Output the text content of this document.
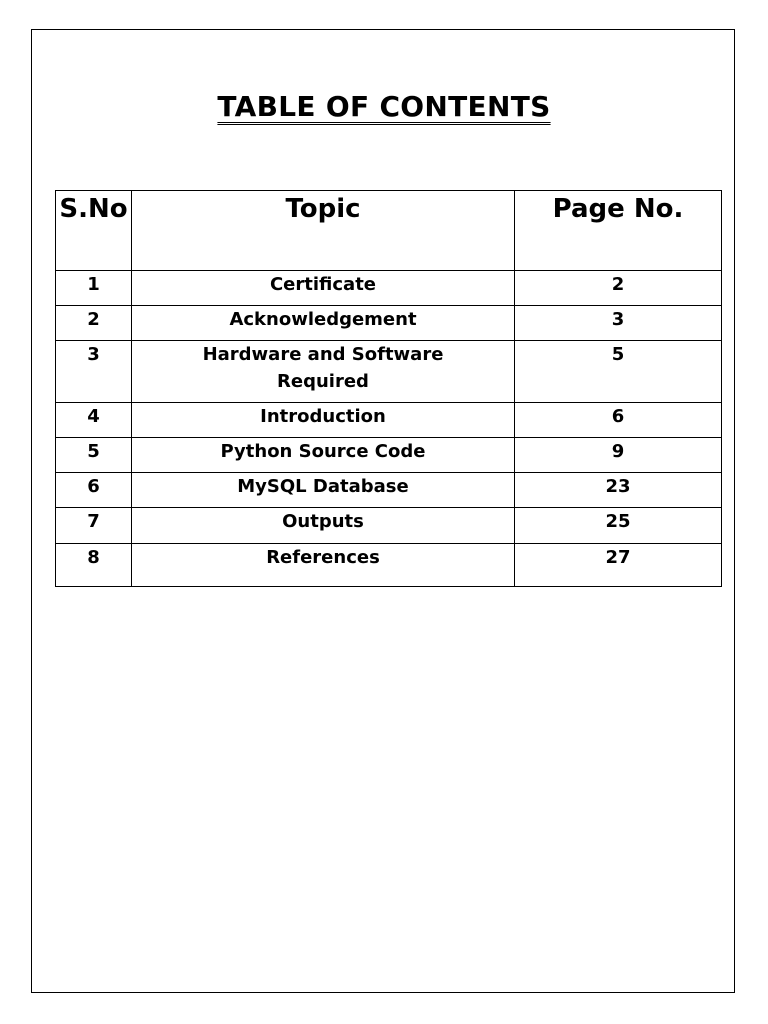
TABLE OF CONTENTS
S.No	Topic	Page No.
1	Certificate	2
2	Acknowledgement	3
3	Hardware and Software Required	5
4	Introduction	6
5	Python Source Code	9
6	MySQL Database	23
7	Outputs	25
8	References	27
